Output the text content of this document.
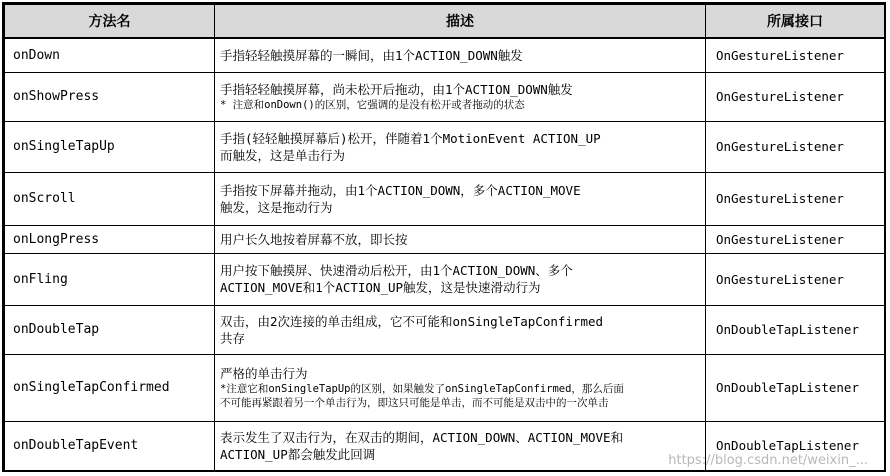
方法名	描述	所属接口
onDown	手指轻轻触摸屏幕的一瞬间，由1个ACTION_DOWN触发	OnGestureListener
onShowPress	手指轻轻触摸屏幕，尚未松开后拖动，由1个ACTION_DOWN触发
* 注意和onDown()的区别，它强调的是没有松开或者拖动的状态	OnGestureListener
onSingleTapUp	手指(轻轻触摸屏幕后)松开，伴随着1个MotionEvent ACTION_UP
而触发，这是单击行为	OnGestureListener
onScroll	手指按下屏幕并拖动，由1个ACTION_DOWN，多个ACTION_MOVE
触发，这是拖动行为	OnGestureListener
onLongPress	用户长久地按着屏幕不放，即长按	OnGestureListener
onFling	用户按下触摸屏、快速滑动后松开，由1个ACTION_DOWN、多个
ACTION_MOVE和1个ACTION_UP触发，这是快速滑动行为	OnGestureListener
onDoubleTap	双击，由2次连接的单击组成，它不可能和onSingleTapConfirmed
共存	OnDoubleTapListener
onSingleTapConfirmed	严格的单击行为
*注意它和onSingleTapUp的区别，如果触发了onSingleTapConfirmed，那么后面
不可能再紧跟着另一个单击行为，即这只可能是单击，而不可能是双击中的一次单击	OnDoubleTapListener
onDoubleTapEvent	表示发生了双击行为，在双击的期间，ACTION_DOWN、ACTION_MOVE和
ACTION_UP都会触发此回调	OnDoubleTapListener
https://blog.csdn.net/weixin_...
